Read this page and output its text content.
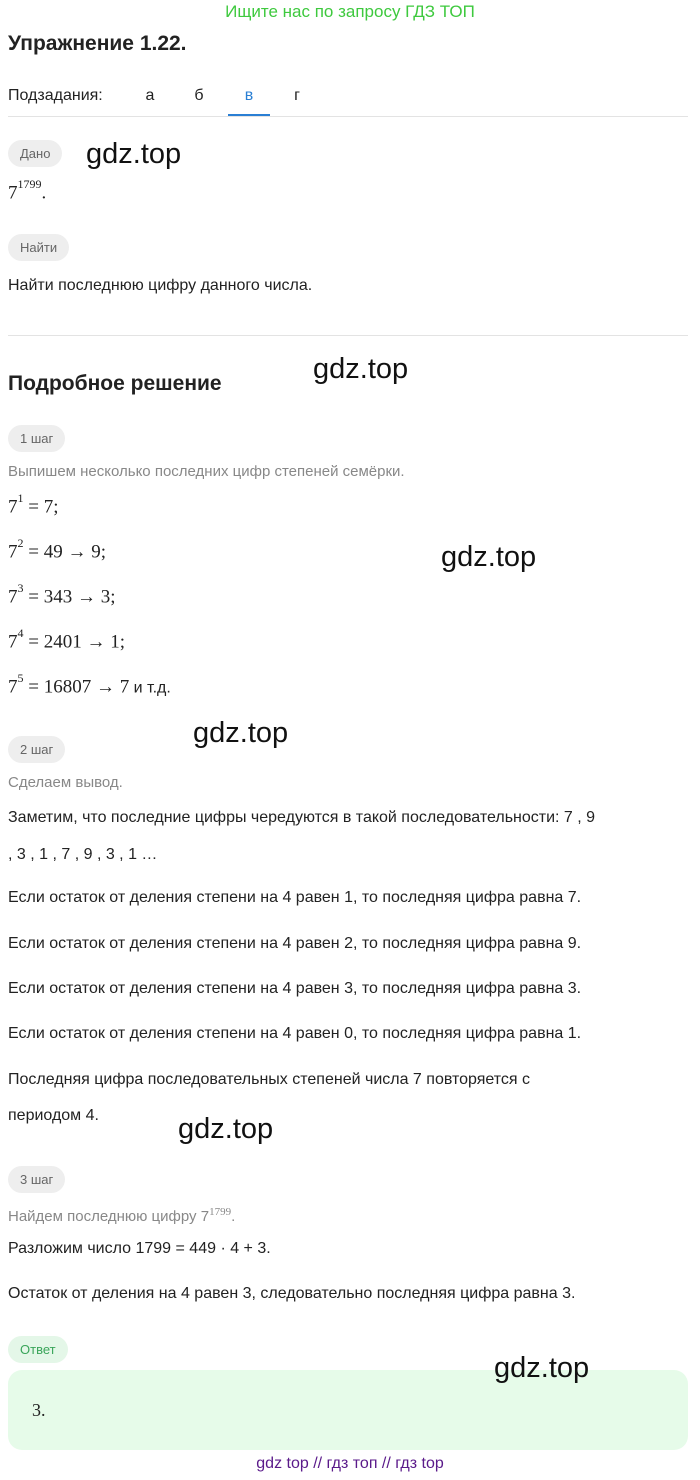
Ищите нас по запросу ГДЗ ТОП
Упражнение 1.22.
Подзадания:	а	б	в	г
Дано	gdz.top
$7^{1799}$.
Найти
Найти последнюю цифру данного числа.
Подробное решение	gdz.top
1 шаг
Выпишем несколько последних цифр степеней семёрки.
$7^1 = 7$;
$7^2 = 49 \to 9$;	gdz.top
$7^3 = 343 \to 3$;
$7^4 = 2401 \to 1$;
$7^5 = 16807 \to 7$ и т.д.
2 шаг
gdz.top
Сделаем вывод.
Заметим, что последние цифры чередуются в такой последовательности: 7 , 9
, 3 , 1 , 7 , 9 , 3 , 1 …
Если остаток от деления степени на 4 равен 1, то последняя цифра равна 7.
Если остаток от деления степени на 4 равен 2, то последняя цифра равна 9.
Если остаток от деления степени на 4 равен 3, то последняя цифра равна 3.
Если остаток от деления степени на 4 равен 0, то последняя цифра равна 1.
Последняя цифра последовательных степеней числа 7 повторяется с
периодом 4.	gdz.top
3 шаг
Найдем последнюю цифру $7^{1799}$.
Разложим число 1799 = 449 · 4 + 3.
Остаток от деления на 4 равен 3, следовательно последняя цифра равна 3.
Ответ
3.
gdz.top
gdz top // гдз топ // гдз top
